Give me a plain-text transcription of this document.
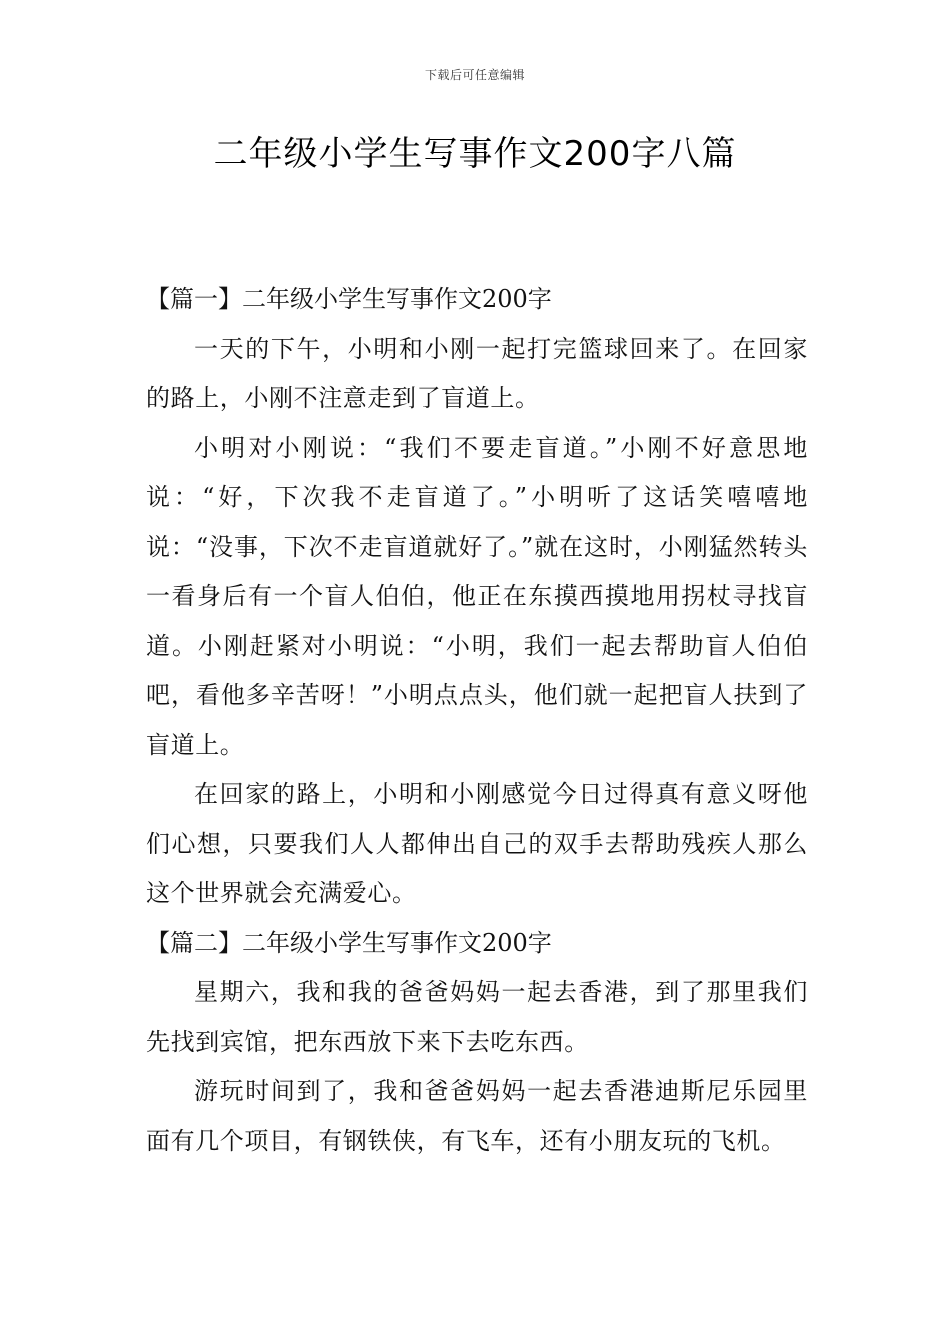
下载后可任意编辑
二年级小学生写事作文200字八篇
【篇一】二年级小学生写事作文200字

一天的下午，小明和小刚一起打完篮球回来了。在回家的路上，小刚不注意走到了盲道上。

小明对小刚说：“我们不要走盲道。”小刚不好意思地说：“好，下次我不走盲道了。”小明听了这话笑嘻嘻地说：“没事，下次不走盲道就好了。”就在这时，小刚猛然转头一看身后有一个盲人伯伯，他正在东摸西摸地用拐杖寻找盲道。小刚赶紧对小明说：“小明，我们一起去帮助盲人伯伯吧，看他多辛苦呀！”小明点点头，他们就一起把盲人扶到了盲道上。

在回家的路上，小明和小刚感觉今日过得真有意义呀他们心想，只要我们人人都伸出自己的双手去帮助残疾人那么这个世界就会充满爱心。

【篇二】二年级小学生写事作文200字

星期六，我和我的爸爸妈妈一起去香港，到了那里我们先找到宾馆，把东西放下来下去吃东西。

游玩时间到了，我和爸爸妈妈一起去香港迪斯尼乐园里面有几个项目，有钢铁侠，有飞车，还有小朋友玩的飞机。
